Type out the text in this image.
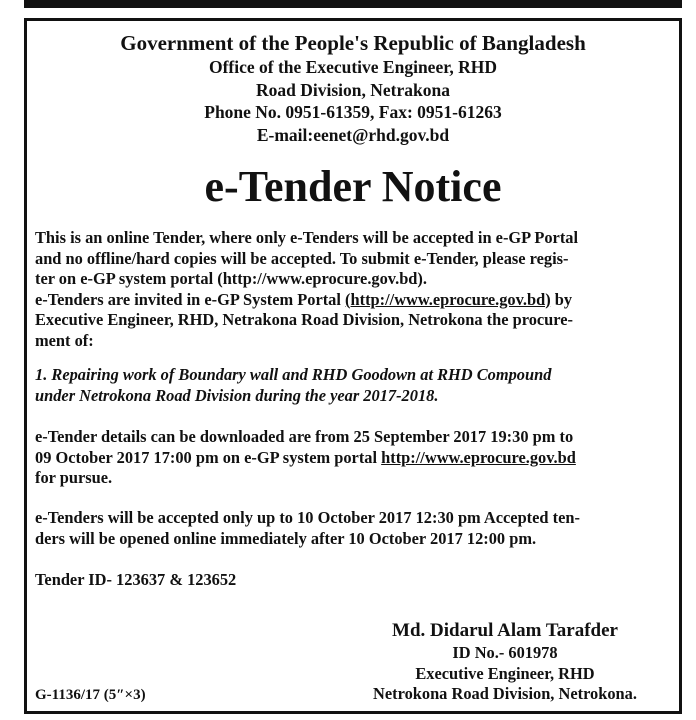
Government of the People's Republic of Bangladesh
Office of the Executive Engineer, RHD
Road Division, Netrakona
Phone No. 0951-61359, Fax: 0951-61263
E-mail:eenet@rhd.gov.bd
e-Tender Notice
This is an online Tender, where only e-Tenders will be accepted in e-GP Portal
and no offline/hard copies will be accepted. To submit e-Tender, please regis-
ter on e-GP system portal (http://www.eprocure.gov.bd).
e-Tenders are invited in e-GP System Portal (http://www.eprocure.gov.bd) by
Executive Engineer, RHD, Netrakona Road Division, Netrokona the procure-
ment of:
1. Repairing work of Boundary wall and RHD Goodown at RHD Compound
under Netrokona Road Division during the year 2017-2018.
e-Tender details can be downloaded are from 25 September 2017 19:30 pm to
09 October 2017 17:00 pm on e-GP system portal http://www.eprocure.gov.bd
for pursue.
e-Tenders will be accepted only up to 10 October 2017 12:30 pm Accepted ten-
ders will be opened online immediately after 10 October 2017 12:00 pm.
Tender ID- 123637 & 123652
Md. Didarul Alam Tarafder
ID No.- 601978
Executive Engineer, RHD
Netrokona Road Division, Netrokona.
G-1136/17 (5″×3)
